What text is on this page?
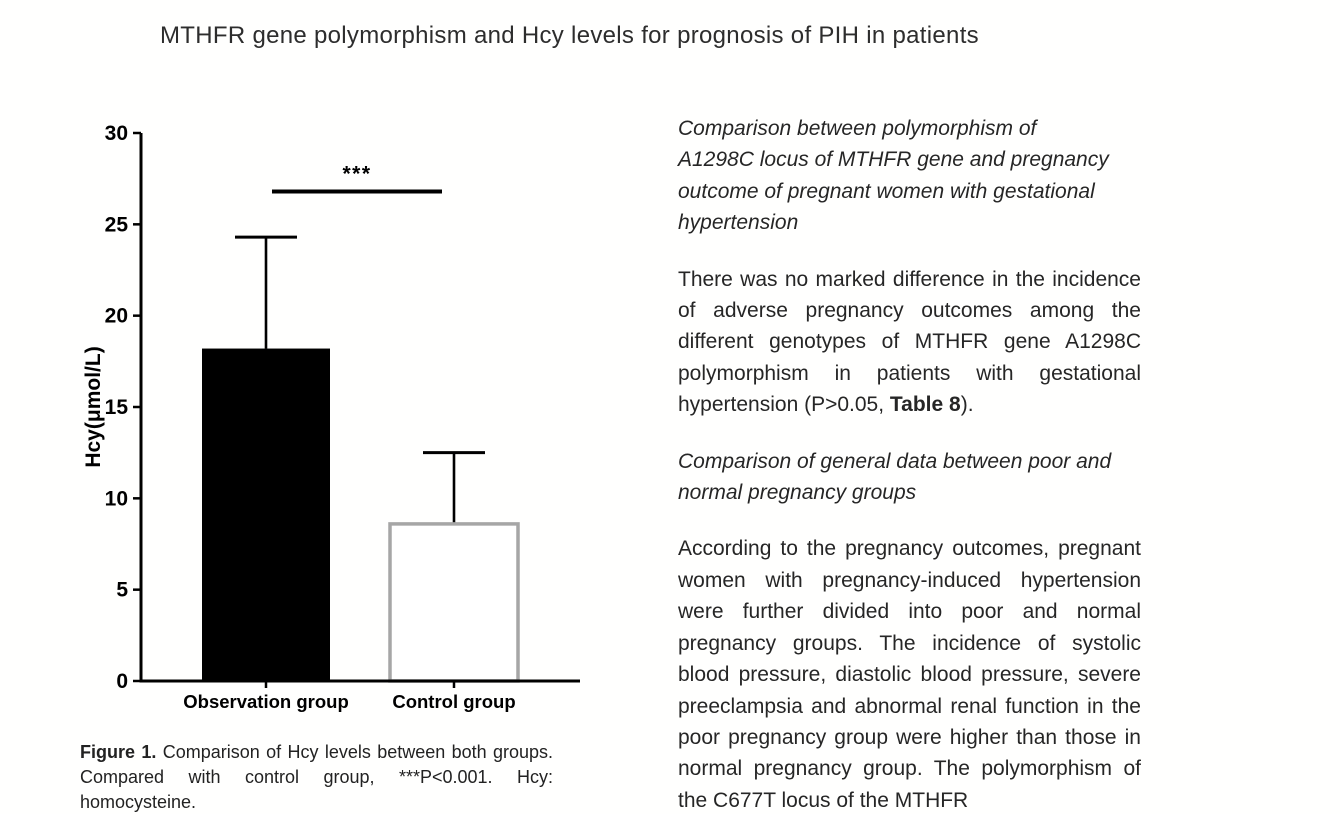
MTHFR gene polymorphism and Hcy levels for prognosis of PIH in patients
0
5
10
15
20
25
30
Hcy(μmol/L)
Observation group Control group
***

Figure 1. Comparison of Hcy levels between both groups. Compared with control group, ***P<0.001. Hcy: homocysteine.

Comparison between polymorphism of
A1298C locus of MTHFR gene and pregnancy
outcome of pregnant women with gestational
hypertension

There was no marked difference in the incidence of adverse pregnancy outcomes among the different genotypes of MTHFR gene A1298C polymorphism in patients with gestational hypertension (P>0.05, Table 8).

Comparison of general data between poor and
normal pregnancy groups

According to the pregnancy outcomes, pregnant women with pregnancy-induced hypertension were further divided into poor and normal pregnancy groups. The incidence of systolic blood pressure, diastolic blood pressure, severe preeclampsia and abnormal renal function in the poor pregnancy group were higher than those in normal pregnancy group. The polymorphism of the C677T locus of the MTHFR
